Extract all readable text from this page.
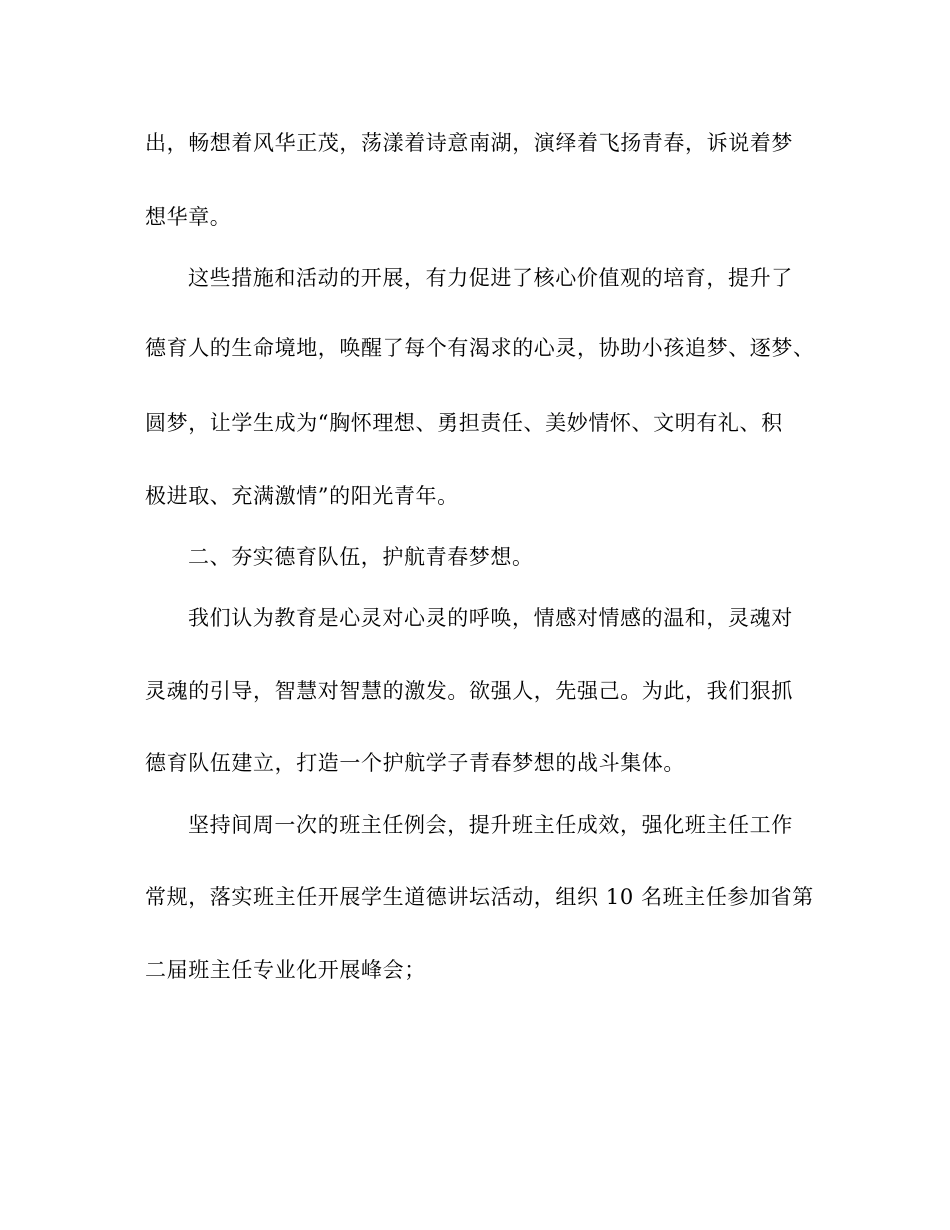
出，畅想着风华正茂，荡漾着诗意南湖，演绎着飞扬青春，诉说着梦
想华章。
这些措施和活动的开展，有力促进了核心价值观的培育，提升了
德育人的生命境地，唤醒了每个有渴求的心灵，协助小孩追梦、逐梦、
圆梦，让学生成为“胸怀理想、勇担责任、美妙情怀、文明有礼、积
极进取、充满激情”的阳光青年。
二、夯实德育队伍，护航青春梦想。
我们认为教育是心灵对心灵的呼唤，情感对情感的温和，灵魂对
灵魂的引导，智慧对智慧的激发。欲强人，先强己。为此，我们狠抓
德育队伍建立，打造一个护航学子青春梦想的战斗集体。
坚持间周一次的班主任例会，提升班主任成效，强化班主任工作
常规，落实班主任开展学生道德讲坛活动，组织 10 名班主任参加省第
二届班主任专业化开展峰会；
